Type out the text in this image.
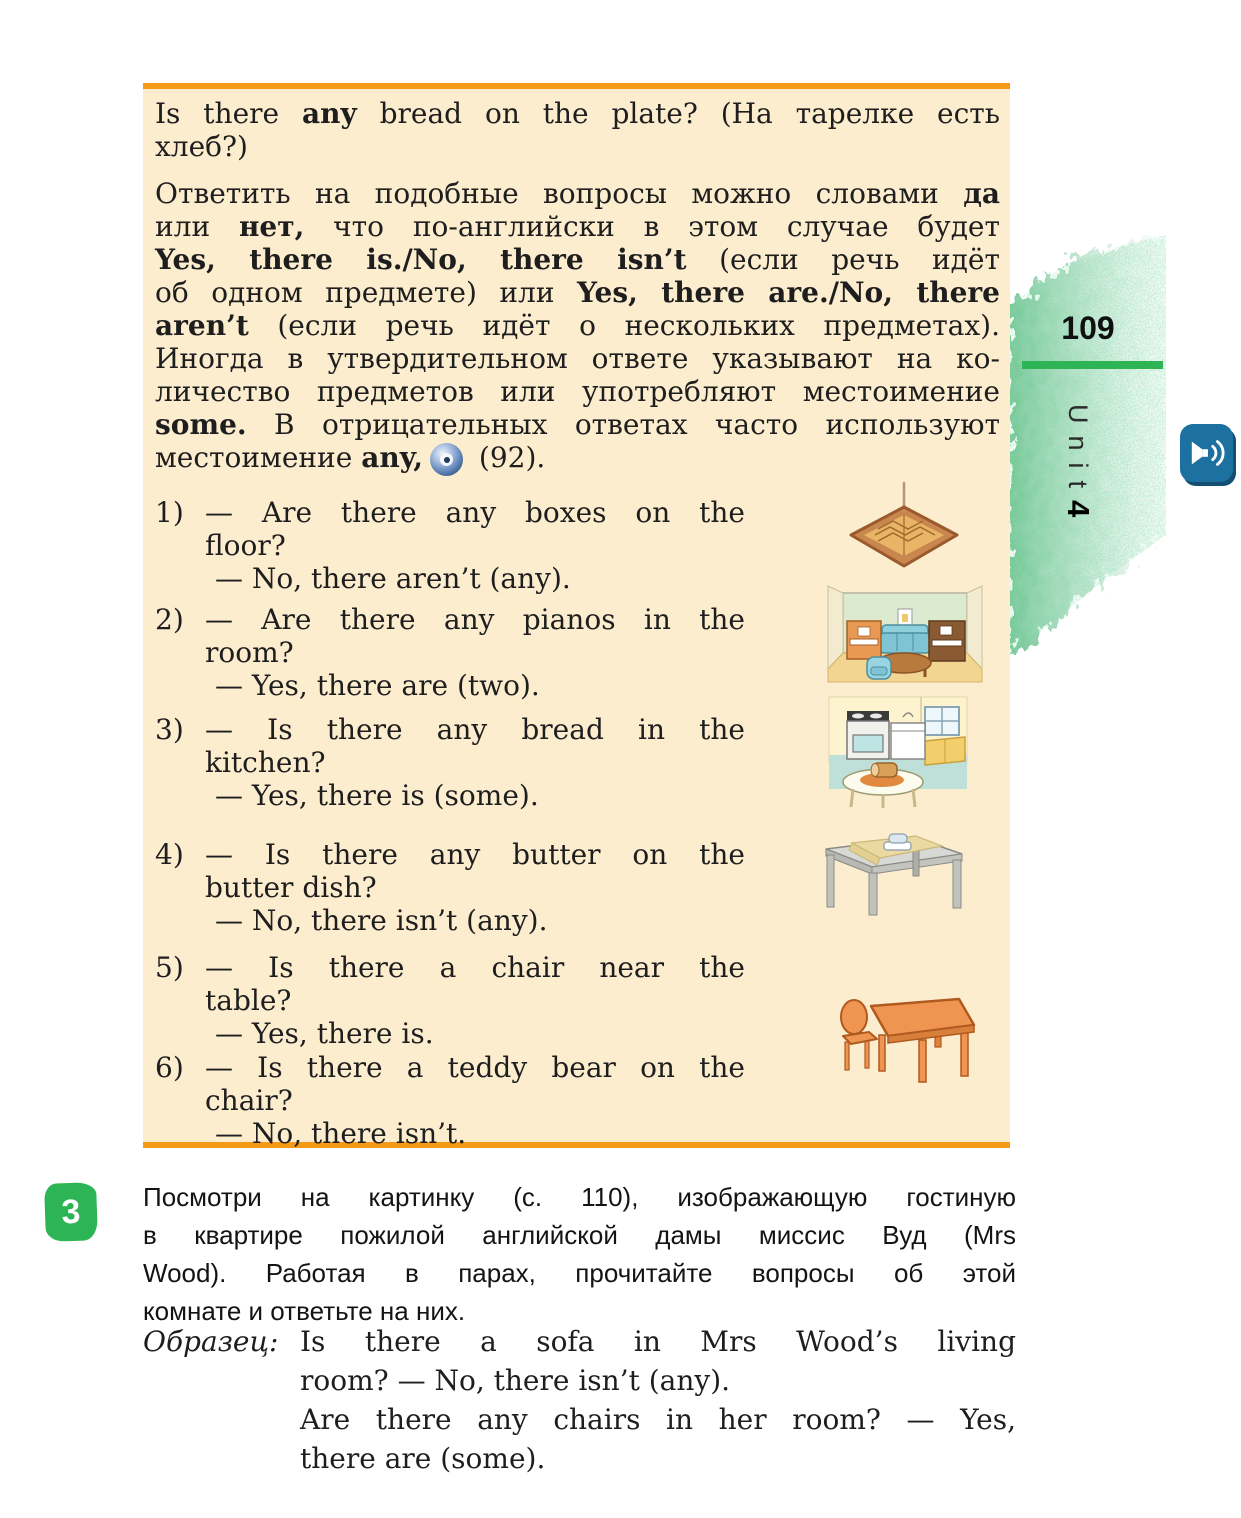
Is there any bread on the plate? (На тарелке есть
хлеб?)
Ответить на подобные вопросы можно словами да
или нет, что по-английски в этом случае будет
Yes, there is./No, there isn’t (если речь идёт
об одном предмете) или Yes, there are./No, there
aren’t (если речь идёт о нескольких предметах).
Иногда в утвердительном ответе указывают на ко-
личество предметов или употребляют местоимение
some. В отрицательных ответах часто используют
местоимение any,
(92).
1) — Are there any boxes on the
floor?
— No, there aren’t (any).
2) — Are there any pianos in the
room?
— Yes, there are (two).
3) — Is there any bread in the
kitchen?
— Yes, there is (some).
4) — Is there any butter on the
butter dish?
— No, there isn’t (any).
5) — Is there a chair near the
table?
— Yes, there is.
6) — Is there a teddy bear on the
chair?
— No, there isn’t.
109
Unit4
3 Посмотри на картинку (с. 110), изображающую гостиную
в квартире пожилой английской дамы миссис Вуд (Mrs
Wood). Работая в парах, прочитайте вопросы об этой
комнате и ответьте на них.
Образец: Is there a sofa in Mrs Wood’s living
room? — No, there isn’t (any).
Are there any chairs in her room? — Yes,
there are (some).
